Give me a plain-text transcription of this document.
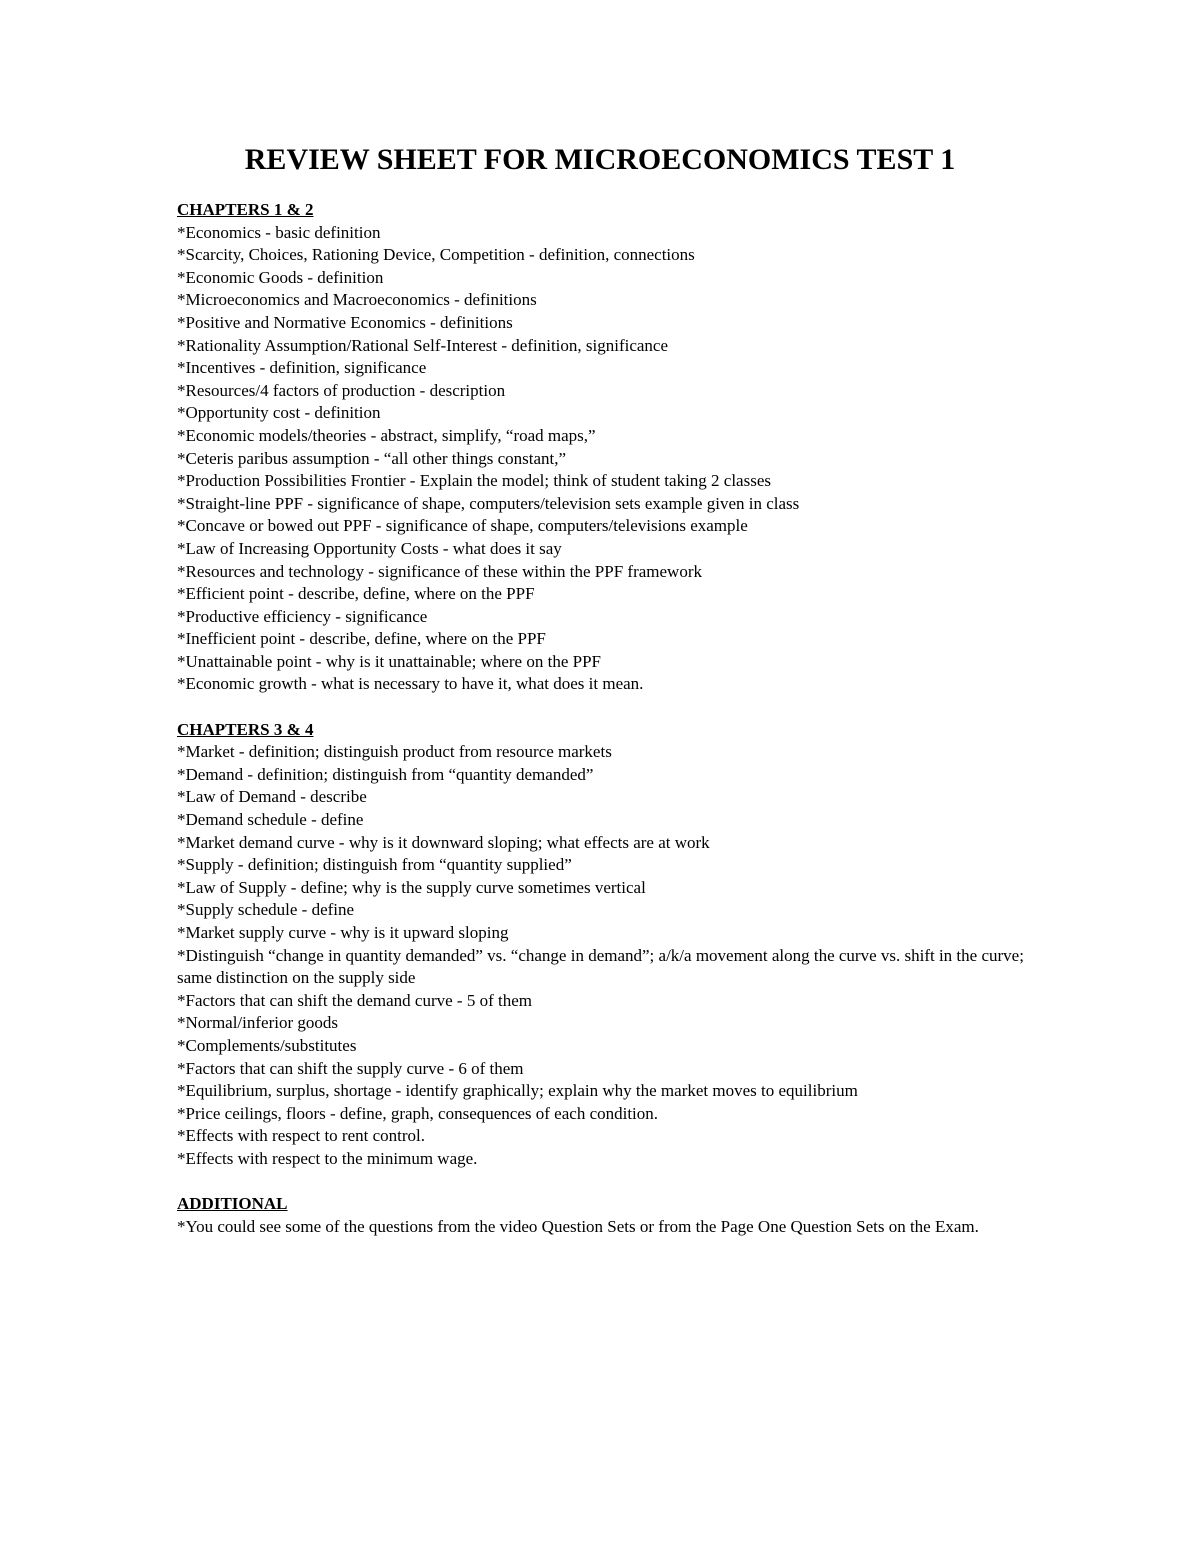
REVIEW SHEET FOR MICROECONOMICS TEST 1

CHAPTERS 1 & 2

*Economics - basic definition
*Scarcity, Choices, Rationing Device, Competition - definition, connections
*Economic Goods - definition
*Microeconomics and Macroeconomics - definitions
*Positive and Normative Economics - definitions
*Rationality Assumption/Rational Self-Interest - definition, significance
*Incentives - definition, significance
*Resources/4 factors of production - description
*Opportunity cost - definition
*Economic models/theories - abstract, simplify, “road maps,”
*Ceteris paribus assumption - “all other things constant,”
*Production Possibilities Frontier - Explain the model; think of student taking 2 classes
*Straight-line PPF - significance of shape, computers/television sets example given in class
*Concave or bowed out PPF - significance of shape, computers/televisions example
*Law of Increasing Opportunity Costs - what does it say
*Resources and technology - significance of these within the PPF framework
*Efficient point - describe, define, where on the PPF
*Productive efficiency - significance
*Inefficient point - describe, define, where on the PPF
*Unattainable point - why is it unattainable; where on the PPF
*Economic growth - what is necessary to have it, what does it mean.

CHAPTERS 3 & 4

*Market - definition; distinguish product from resource markets
*Demand - definition; distinguish from “quantity demanded”
*Law of Demand - describe
*Demand schedule - define
*Market demand curve - why is it downward sloping; what effects are at work
*Supply - definition; distinguish from “quantity supplied”
*Law of Supply - define; why is the supply curve sometimes vertical
*Supply schedule - define
*Market supply curve - why is it upward sloping
*Distinguish “change in quantity demanded” vs. “change in demand”; a/k/a movement along the curve vs. shift in the curve; same distinction on the supply side
*Factors that can shift the demand curve - 5 of them
*Normal/inferior goods
*Complements/substitutes
*Factors that can shift the supply curve - 6 of them
*Equilibrium, surplus, shortage - identify graphically; explain why the market moves to equilibrium
*Price ceilings, floors - define, graph, consequences of each condition.
*Effects with respect to rent control.
*Effects with respect to the minimum wage.

ADDITIONAL

*You could see some of the questions from the video Question Sets or from the Page One Question Sets on the Exam.
